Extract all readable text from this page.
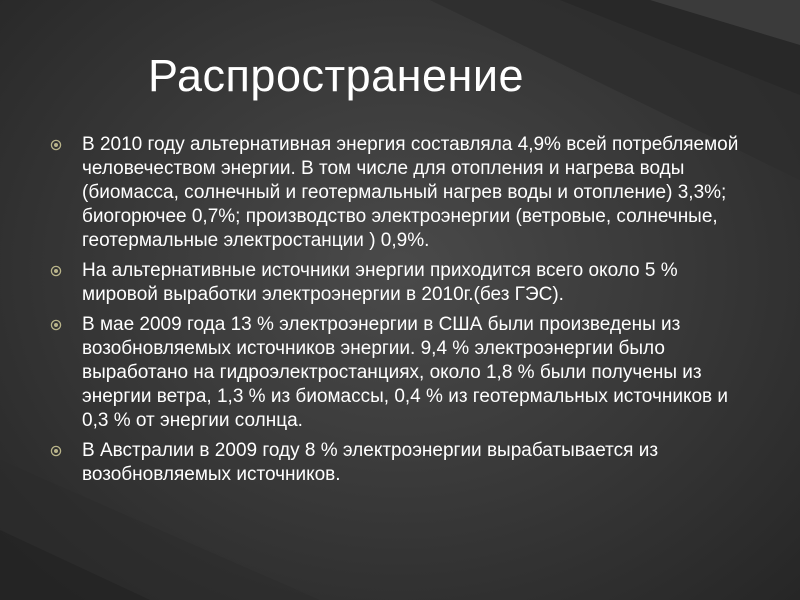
Распространение
В 2010 году альтернативная энергия составляла 4,9% всей потребляемой человечеством энергии. В том числе для отопления и нагрева воды (биомасса, солнечный и геотермальный нагрев воды и отопление) 3,3%; биогорючее 0,7%; производство электроэнергии (ветровые, солнечные, геотермальные электростанции ) 0,9%.
На альтернативные источники энергии приходится всего около 5 % мировой выработки электроэнергии в 2010г.(без ГЭС).
В мае 2009 года 13 % электроэнергии в США были произведены из возобновляемых источников энергии. 9,4 % электроэнергии было выработано на гидроэлектростанциях, около 1,8 % были получены из энергии ветра, 1,3 % из биомассы, 0,4 % из геотермальных источников и 0,3 % от энергии солнца.
В Австралии в 2009 году 8 % электроэнергии вырабатывается из возобновляемых источников.
